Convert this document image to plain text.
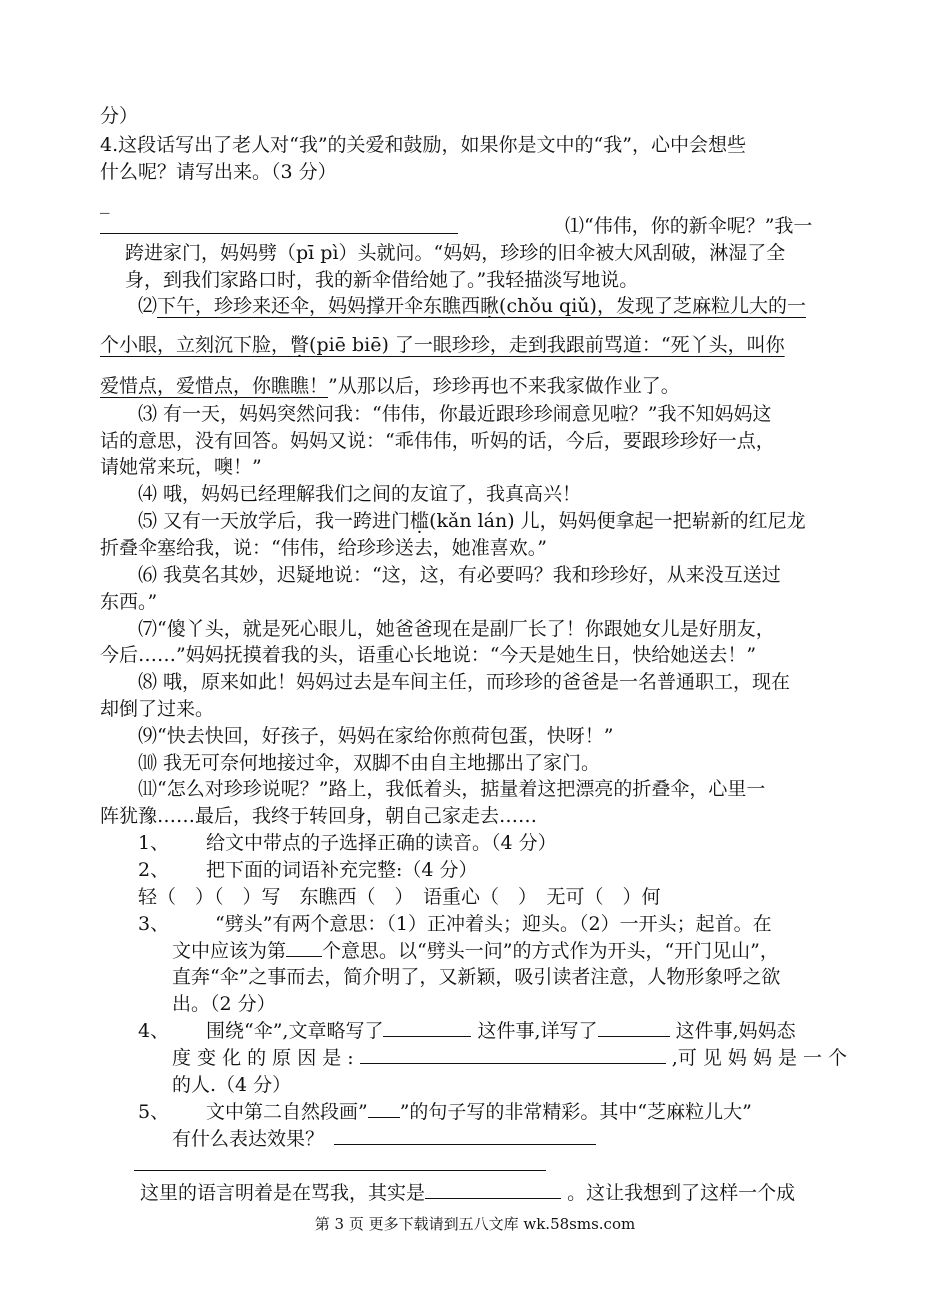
分）
4.这段话写出了老人对“我”的关爱和鼓励，如果你是文中的“我”，心中会想些
什么呢？请写出来。（3 分）
_
⑴“伟伟，你的新伞呢？”我一
跨进家门，妈妈劈（pī pì）头就问。“妈妈，珍珍的旧伞被大风刮破，淋湿了全
身，到我们家路口时，我的新伞借给她了。”我轻描淡写地说。
⑵下午，珍珍来还伞，妈妈撑开伞东瞧西瞅(chǒu qiǔ)，发现了芝麻粒儿大的一
个小眼，立刻沉下脸，瞥(piē biē) 了一眼珍珍，走到我跟前骂道：“死丫头，叫你
爱惜点，爱惜点，你瞧瞧！”从那以后，珍珍再也不来我家做作业了。
⑶ 有一天，妈妈突然问我：“伟伟，你最近跟珍珍闹意见啦？”我不知妈妈这
话的意思，没有回答。妈妈又说：“乖伟伟，听妈的话，今后，要跟珍珍好一点，
请她常来玩，噢！”
⑷ 哦，妈妈已经理解我们之间的友谊了，我真高兴！
⑸ 又有一天放学后，我一跨进门槛(kǎn lán) 儿，妈妈便拿起一把崭新的红尼龙
折叠伞塞给我，说：“伟伟，给珍珍送去，她准喜欢。”
⑹ 我莫名其妙，迟疑地说：“这，这，有必要吗？我和珍珍好，从来没互送过
东西。”
⑺“傻丫头，就是死心眼儿，她爸爸现在是副厂长了！你跟她女儿是好朋友，
今后……”妈妈抚摸着我的头，语重心长地说：“今天是她生日，快给她送去！”
⑻ 哦，原来如此！妈妈过去是车间主任，而珍珍的爸爸是一名普通职工，现在
却倒了过来。
⑼“快去快回，好孩子，妈妈在家给你煎荷包蛋，快呀！”
⑽ 我无可奈何地接过伞，双脚不由自主地挪出了家门。
⑾“怎么对珍珍说呢？”路上，我低着头，掂量着这把漂亮的折叠伞，心里一
阵犹豫……最后，我终于转回身，朝自己家走去……
1、 给文中带点的子选择正确的读音。（4 分）
2、 把下面的词语补充完整:（4 分）
轻（　）（　）写　东瞧西（　）　语重心（　）　无可（　）何
3、 “劈头”有两个意思：（1）正冲着头；迎头。（2）一开头；起首。在
文中应该为第 个意思。以“劈头一问”的方式作为开头，“开门见山”，
直奔“伞”之事而去，简介明了，又新颖，吸引读者注意，人物形象呼之欲
出。（2 分）
4、 围绕“伞”,文章略写了	这件事,详写了	这件事,妈妈态
度 变 化 的 原 因 是 :	,可 见 妈 妈 是 一 个
的人.（4 分）
5、 文中第二自然段画” ”的句子写的非常精彩。其中“芝麻粒儿大”
有什么表达效果？
这里的语言明着是在骂我，其实是	。这让我想到了这样一个成
第 3 页 更多下载请到五八文库 wk.58sms.com
